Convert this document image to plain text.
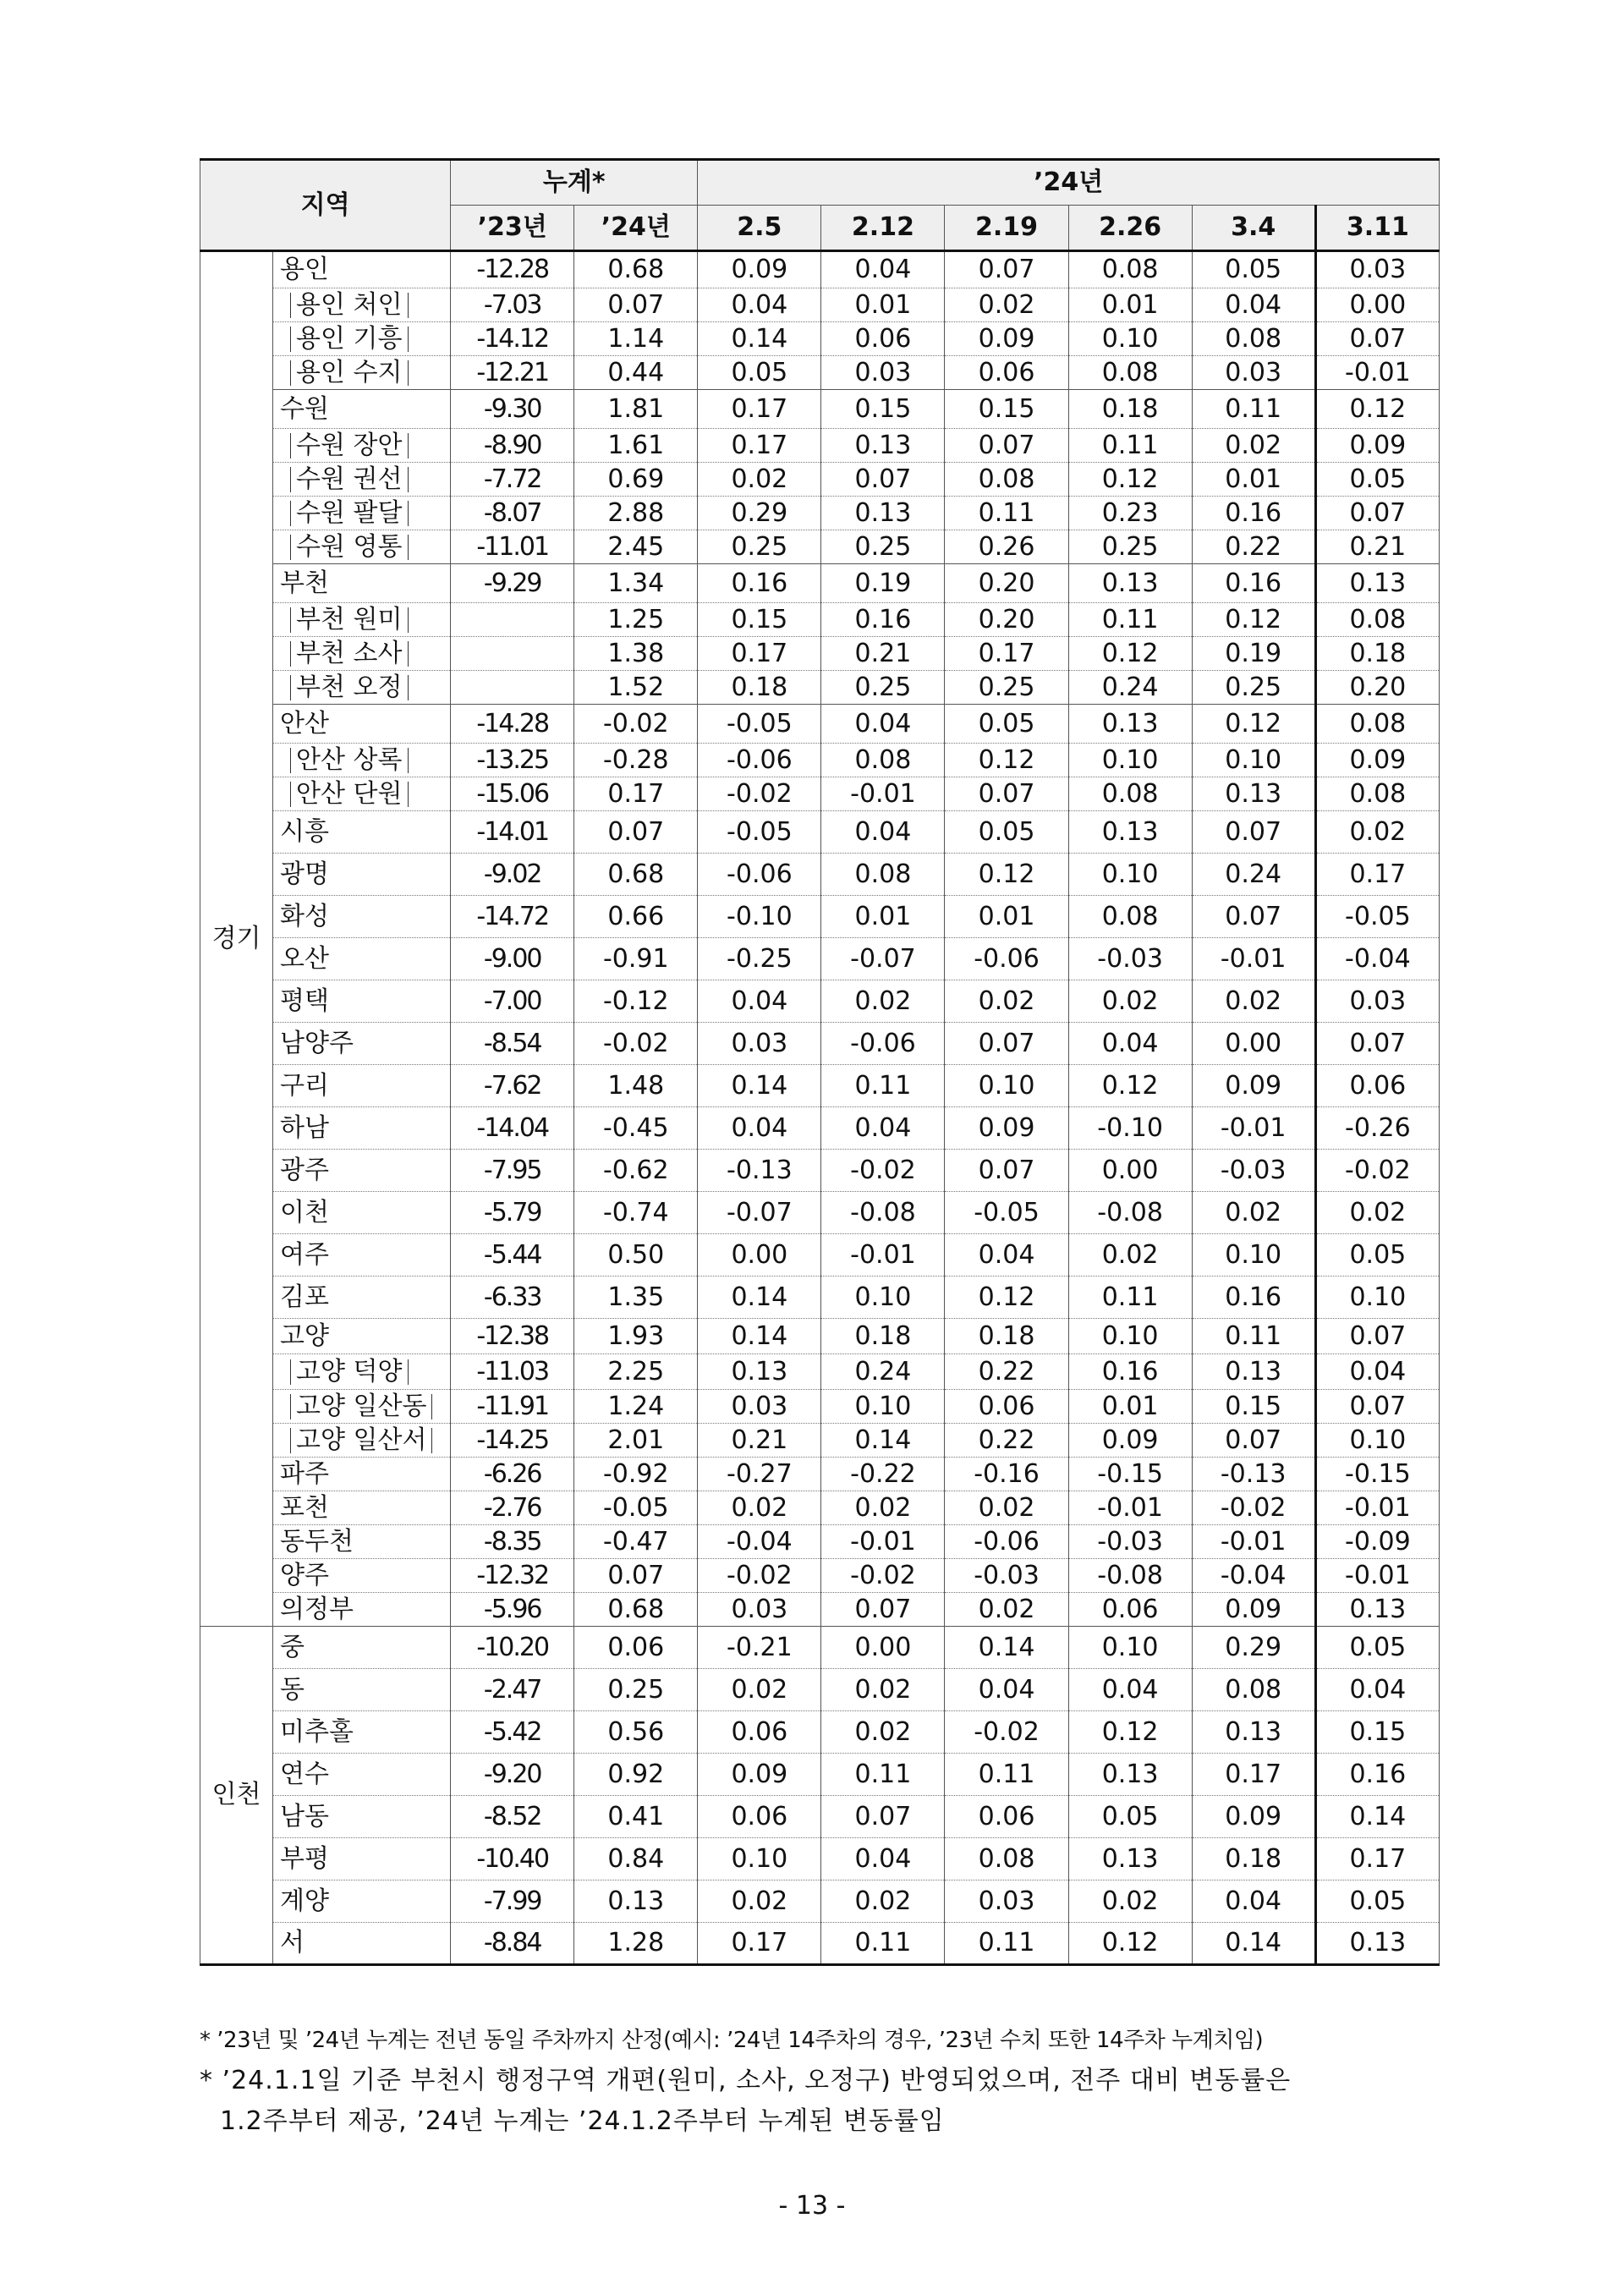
지역		누계*		’24년					
		’23년	’24년	2.5	2.12	2.19	2.26	3.4	3.11
경기	용인	-12.28	0.68	0.09	0.04	0.07	0.08	0.05	0.03
	용인 처인	-7.03	0.07	0.04	0.01	0.02	0.01	0.04	0.00
	용인 기흥	-14.12	1.14	0.14	0.06	0.09	0.10	0.08	0.07
	용인 수지	-12.21	0.44	0.05	0.03	0.06	0.08	0.03	-0.01
	수원	-9.30	1.81	0.17	0.15	0.15	0.18	0.11	0.12
	수원 장안	-8.90	1.61	0.17	0.13	0.07	0.11	0.02	0.09
	수원 권선	-7.72	0.69	0.02	0.07	0.08	0.12	0.01	0.05
	수원 팔달	-8.07	2.88	0.29	0.13	0.11	0.23	0.16	0.07
	수원 영통	-11.01	2.45	0.25	0.25	0.26	0.25	0.22	0.21
	부천	-9.29	1.34	0.16	0.19	0.20	0.13	0.16	0.13
	부천 원미		1.25	0.15	0.16	0.20	0.11	0.12	0.08
	부천 소사		1.38	0.17	0.21	0.17	0.12	0.19	0.18
	부천 오정		1.52	0.18	0.25	0.25	0.24	0.25	0.20
	안산	-14.28	-0.02	-0.05	0.04	0.05	0.13	0.12	0.08
	안산 상록	-13.25	-0.28	-0.06	0.08	0.12	0.10	0.10	0.09
	안산 단원	-15.06	0.17	-0.02	-0.01	0.07	0.08	0.13	0.08
	시흥	-14.01	0.07	-0.05	0.04	0.05	0.13	0.07	0.02
	광명	-9.02	0.68	-0.06	0.08	0.12	0.10	0.24	0.17
	화성	-14.72	0.66	-0.10	0.01	0.01	0.08	0.07	-0.05
	오산	-9.00	-0.91	-0.25	-0.07	-0.06	-0.03	-0.01	-0.04
	평택	-7.00	-0.12	0.04	0.02	0.02	0.02	0.02	0.03
	남양주	-8.54	-0.02	0.03	-0.06	0.07	0.04	0.00	0.07
	구리	-7.62	1.48	0.14	0.11	0.10	0.12	0.09	0.06
	하남	-14.04	-0.45	0.04	0.04	0.09	-0.10	-0.01	-0.26
	광주	-7.95	-0.62	-0.13	-0.02	0.07	0.00	-0.03	-0.02
	이천	-5.79	-0.74	-0.07	-0.08	-0.05	-0.08	0.02	0.02
	여주	-5.44	0.50	0.00	-0.01	0.04	0.02	0.10	0.05
	김포	-6.33	1.35	0.14	0.10	0.12	0.11	0.16	0.10
	고양	-12.38	1.93	0.14	0.18	0.18	0.10	0.11	0.07
	고양 덕양	-11.03	2.25	0.13	0.24	0.22	0.16	0.13	0.04
	고양 일산동	-11.91	1.24	0.03	0.10	0.06	0.01	0.15	0.07
	고양 일산서	-14.25	2.01	0.21	0.14	0.22	0.09	0.07	0.10
	파주	-6.26	-0.92	-0.27	-0.22	-0.16	-0.15	-0.13	-0.15
	포천	-2.76	-0.05	0.02	0.02	0.02	-0.01	-0.02	-0.01
	동두천	-8.35	-0.47	-0.04	-0.01	-0.06	-0.03	-0.01	-0.09
	양주	-12.32	0.07	-0.02	-0.02	-0.03	-0.08	-0.04	-0.01
	의정부	-5.96	0.68	0.03	0.07	0.02	0.06	0.09	0.13
인천	중	-10.20	0.06	-0.21	0.00	0.14	0.10	0.29	0.05
	동	-2.47	0.25	0.02	0.02	0.04	0.04	0.08	0.04
	미추홀	-5.42	0.56	0.06	0.02	-0.02	0.12	0.13	0.15
	연수	-9.20	0.92	0.09	0.11	0.11	0.13	0.17	0.16
	남동	-8.52	0.41	0.06	0.07	0.06	0.05	0.09	0.14
	부평	-10.40	0.84	0.10	0.04	0.08	0.13	0.18	0.17
	계양	-7.99	0.13	0.02	0.02	0.03	0.02	0.04	0.05
	서	-8.84	1.28	0.17	0.11	0.11	0.12	0.14	0.13
* ’23년 및 ’24년 누계는 전년 동일 주차까지 산정(예시: ’24년 14주차의 경우, ’23년 수치 또한 14주차 누계치임)
* ’24.1.1일 기준 부천시 행정구역 개편(원미, 소사, 오정구) 반영되었으며, 전주 대비 변동률은
1.2주부터 제공, ’24년 누계는 ’24.1.2주부터 누계된 변동률임
- 13 -
